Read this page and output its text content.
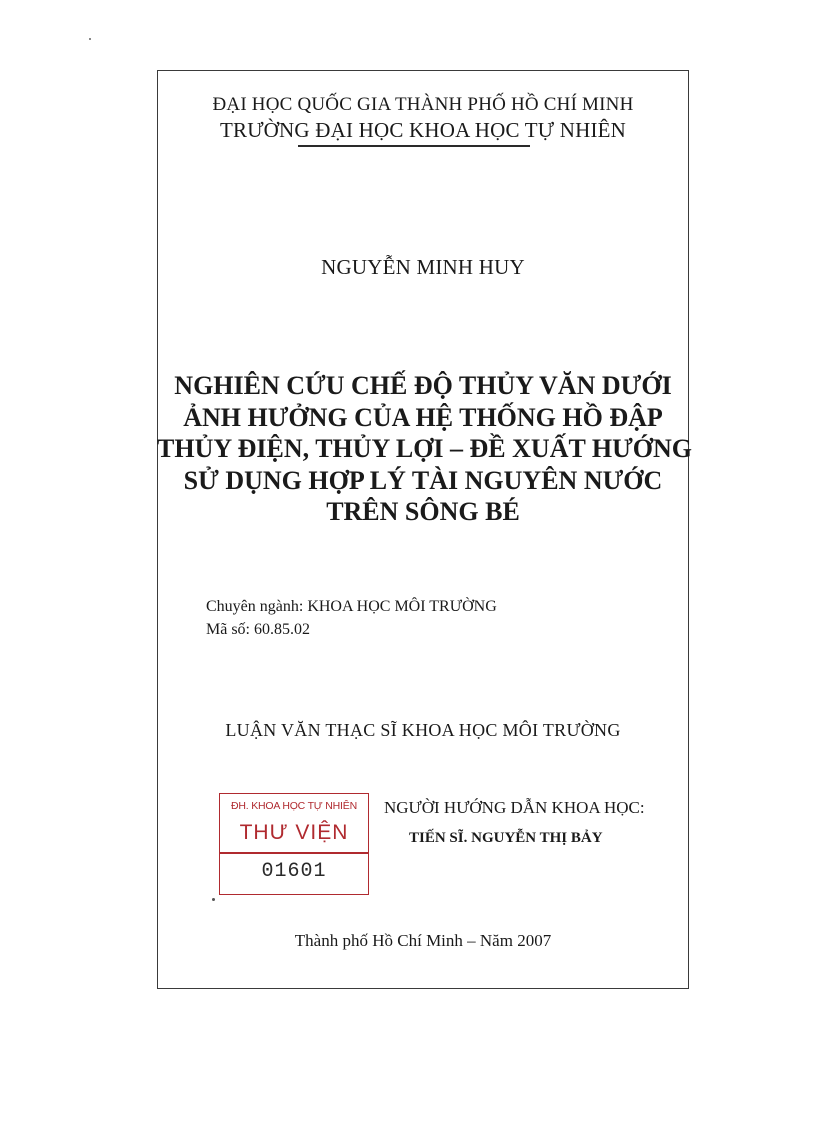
ĐẠI HỌC QUỐC GIA THÀNH PHỐ HỒ CHÍ MINH
TRƯỜNG ĐẠI HỌC KHOA HỌC TỰ NHIÊN
NGUYỄN MINH HUY
NGHIÊN CỨU CHẾ ĐỘ THỦY VĂN DƯỚI
ẢNH HƯỞNG CỦA HỆ THỐNG HỒ ĐẬP
THỦY ĐIỆN, THỦY LỢI – ĐỀ XUẤT HƯỚNG
SỬ DỤNG HỢP LÝ TÀI NGUYÊN NƯỚC
TRÊN SÔNG BÉ
Chuyên ngành: KHOA HỌC MÔI TRƯỜNG
Mã số: 60.85.02
LUẬN VĂN THẠC SĨ KHOA HỌC MÔI TRƯỜNG
ĐH. KHOA HỌC TỰ NHIÊN
THƯ VIỆN
01601
NGƯỜI HƯỚNG DẪN KHOA HỌC:
TIẾN SĨ. NGUYỄN THỊ BẢY
Thành phố Hồ Chí Minh – Năm 2007
